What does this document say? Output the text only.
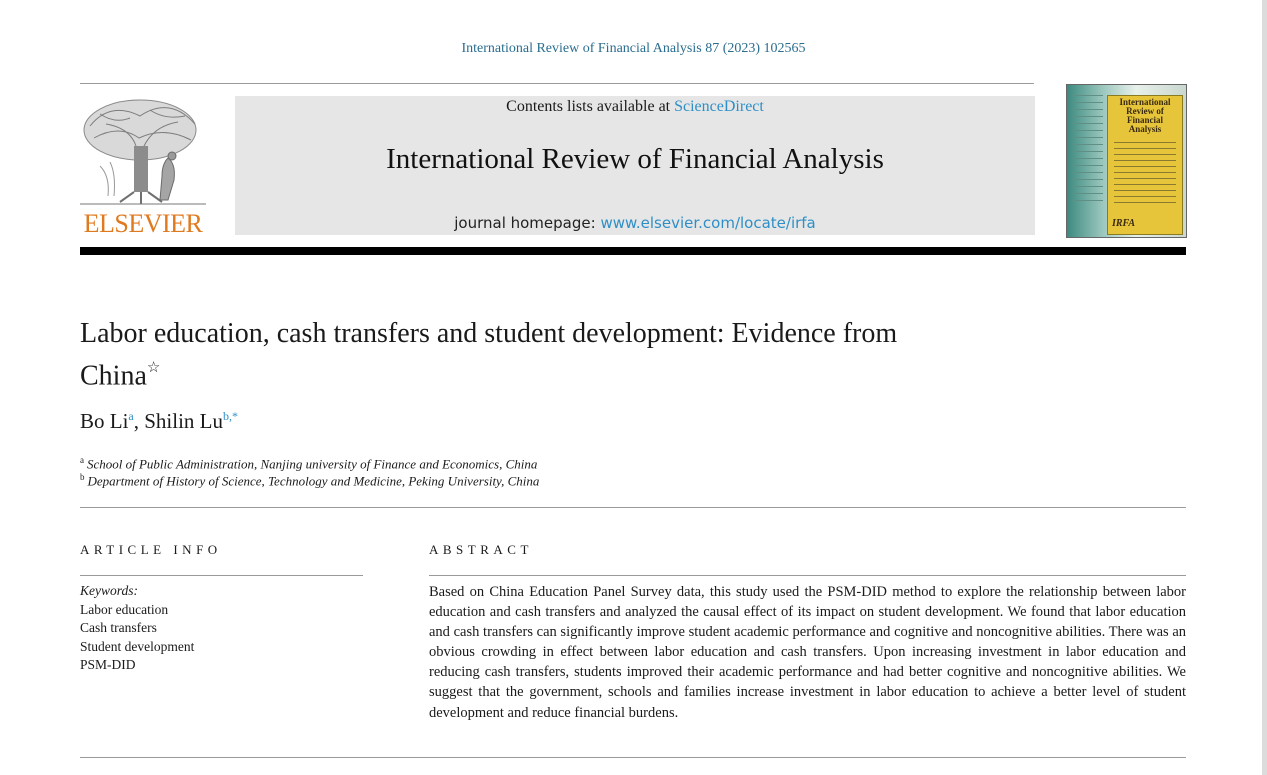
International Review of Financial Analysis 87 (2023) 102565
ELSEVIER
Contents lists available at ScienceDirect
International Review of Financial Analysis
journal homepage: www.elsevier.com/locate/irfa
International
Review of
Financial
Analysis
IRFA
Labor education, cash transfers and student development: Evidence from China☆
Bo Li$^a$, Shilin Lu$^{b,*}$
$^a$ School of Public Administration, Nanjing university of Finance and Economics, China
$^b$ Department of History of Science, Technology and Medicine, Peking University, China
ARTICLE INFO	ABSTRACT
Keywords:
Labor education
Cash transfers
Student development
PSM-DID
Based on China Education Panel Survey data, this study used the PSM-DID method to explore the relationship between labor education and cash transfers and analyzed the causal effect of its impact on student development. We found that labor education and cash transfers can significantly improve student academic performance and cognitive and noncognitive abilities. There was an obvious crowding in effect between labor education and cash transfers. Upon increasing investment in labor education and reducing cash transfers, students improved their academic performance and had better cognitive and noncognitive abilities. We suggest that the government, schools and families increase investment in labor education to achieve a better level of student development and reduce financial burdens.
